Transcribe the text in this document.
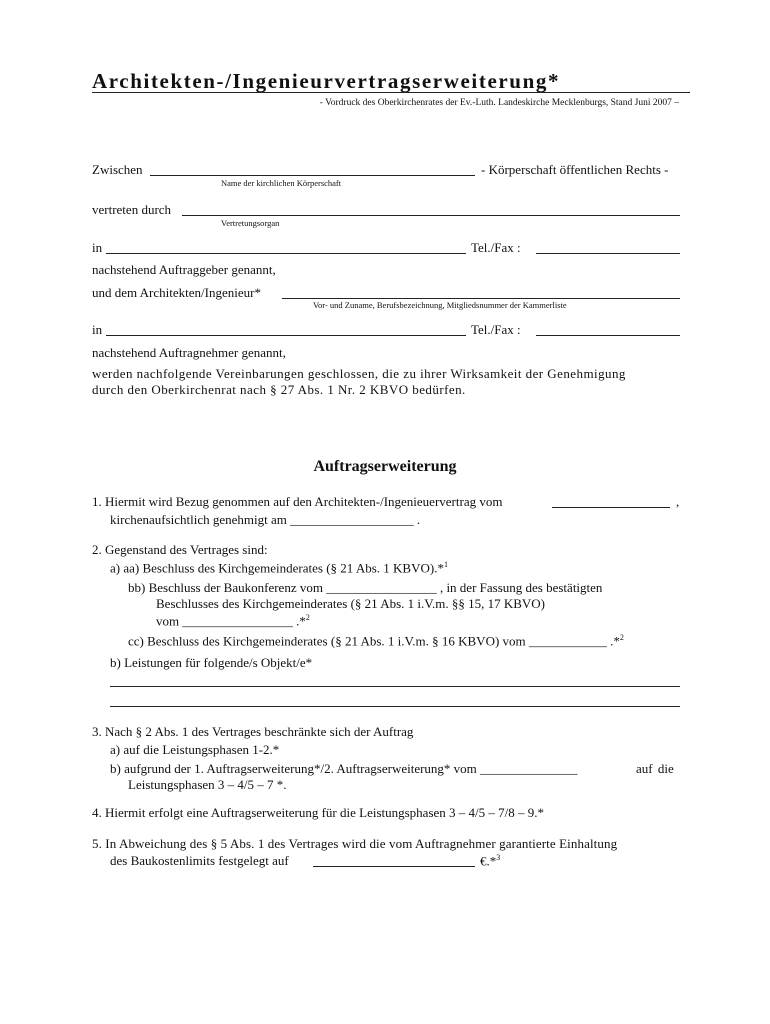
Architekten-/Ingenieurvertragserweiterung*
- Vordruck des Oberkirchenrates der Ev.-Luth. Landeskirche Mecklenburgs, Stand Juni 2007 –
Zwischen	- Körperschaft öffentlichen Rechts -
Name der kirchlichen Körperschaft
vertreten durch
Vertretungsorgan
in	Tel./Fax :
nachstehend Auftraggeber genannt,
und dem Architekten/Ingenieur*
Vor- und Zuname, Berufsbezeichnung, Mitgliedsnummer der Kammerliste
in	Tel./Fax :
nachstehend Auftragnehmer genannt,
werden nachfolgende Vereinbarungen geschlossen, die zu ihrer Wirksamkeit der Genehmigung
durch den Oberkirchenrat nach § 27 Abs. 1 Nr. 2 KBVO bedürfen.
Auftragserweiterung
1. Hiermit wird Bezug genommen auf den Architekten-/Ingenieuervertrag vom	,
kirchenaufsichtlich genehmigt am ___________________ .
2. Gegenstand des Vertrages sind:
a) aa) Beschluss des Kirchgemeinderates (§ 21 Abs. 1 KBVO).*$^1$
bb) Beschluss der Baukonferenz vom _________________ , in der Fassung des bestätigten
Beschlusses des Kirchgemeinderates (§ 21 Abs. 1 i.V.m. §§ 15, 17 KBVO)
vom _________________ .*$^2$
cc) Beschluss des Kirchgemeinderates (§ 21 Abs. 1 i.V.m. § 16 KBVO) vom ____________ .*$^2$
b) Leistungen für folgende/s Objekt/e*
3. Nach § 2 Abs. 1 des Vertrages beschränkte sich der Auftrag
a) auf die Leistungsphasen 1-2.*
b) aufgrund der 1. Auftragserweiterung*/2. Auftragserweiterung* vom _______________	auf die
Leistungsphasen 3 – 4/5 – 7 *.
4. Hiermit erfolgt eine Auftragserweiterung für die Leistungsphasen 3 – 4/5 – 7/8 – 9.*
5. In Abweichung des § 5 Abs. 1 des Vertrages wird die vom Auftragnehmer garantierte Einhaltung
des Baukostenlimits festgelegt auf	€.*$^3$
